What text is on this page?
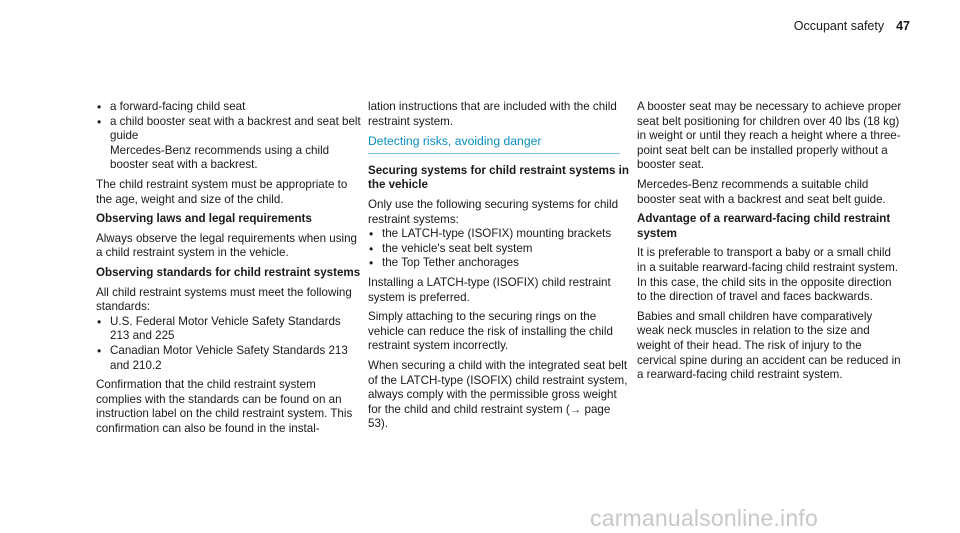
Occupant safety 47
• a forward-facing child seat
• a child booster seat with a backrest and seat belt guide

Mercedes-Benz recommends using a child booster seat with a backrest.

The child restraint system must be appropriate to the age, weight and size of the child.

Observing laws and legal requirements

Always observe the legal requirements when using a child restraint system in the vehicle.

Observing standards for child restraint systems

All child restraint systems must meet the following standards:

• U.S. Federal Motor Vehicle Safety Standards 213 and 225
• Canadian Motor Vehicle Safety Standards 213 and 210.2

Confirmation that the child restraint system complies with the standards can be found on an instruction label on the child restraint system. This confirmation can also be found in the instal-

lation instructions that are included with the child restraint system.

Detecting risks, avoiding danger

Securing systems for child restraint systems in the vehicle

Only use the following securing systems for child restraint systems:

• the LATCH-type (ISOFIX) mounting brackets
• the vehicle's seat belt system
• the Top Tether anchorages

Installing a LATCH-type (ISOFIX) child restraint system is preferred.

Simply attaching to the securing rings on the vehicle can reduce the risk of installing the child restraint system incorrectly.

When securing a child with the integrated seat belt of the LATCH-type (ISOFIX) child restraint system, always comply with the permissible gross weight for the child and child restraint system (→ page 53).

A booster seat may be necessary to achieve proper seat belt positioning for children over 40 lbs (18 kg) in weight or until they reach a height where a three-point seat belt can be installed properly without a booster seat.

Mercedes-Benz recommends a suitable child booster seat with a backrest and seat belt guide.

Advantage of a rearward-facing child restraint system

It is preferable to transport a baby or a small child in a suitable rearward-facing child restraint system. In this case, the child sits in the opposite direction to the direction of travel and faces backwards.

Babies and small children have comparatively weak neck muscles in relation to the size and weight of their head. The risk of injury to the cervical spine during an accident can be reduced in a rearward-facing child restraint system.

carmanualsonline.info
